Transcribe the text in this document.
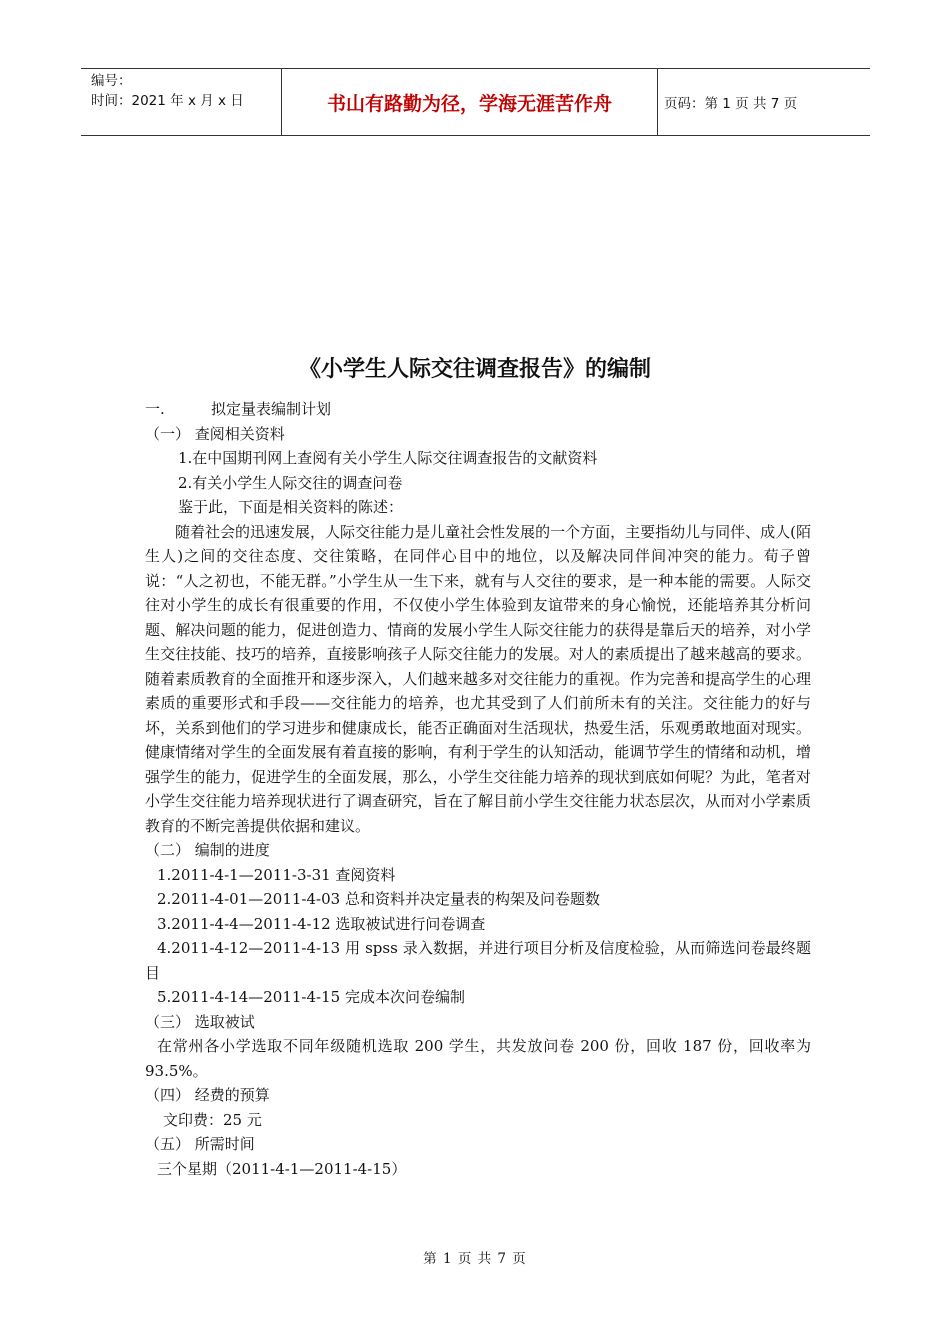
编号：
时间：2021 年 x 月 x 日	书山有路勤为径，学海无涯苦作舟	页码：第 1 页 共 7 页
《小学生人际交往调查报告》的编制
一.	拟定量表编制计划

（一） 查阅相关资料

1.在中国期刊网上查阅有关小学生人际交往调查报告的文献资料

2.有关小学生人际交往的调查问卷

鉴于此，下面是相关资料的陈述：

随着社会的迅速发展，人际交往能力是儿童社会性发展的一个方面，主要指幼儿与同伴、成人(陌生人)之间的交往态度、交往策略，在同伴心目中的地位，以及解决同伴间冲突的能力。荀子曾说：“人之初也，不能无群。”小学生从一生下来，就有与人交往的要求，是一种本能的需要。人际交往对小学生的成长有很重要的作用，不仅使小学生体验到友谊带来的身心愉悦，还能培养其分析问题、解决问题的能力，促进创造力、情商的发展小学生人际交往能力的获得是靠后天的培养，对小学生交往技能、技巧的培养，直接影响孩子人际交往能力的发展。对人的素质提出了越来越高的要求。随着素质教育的全面推开和逐步深入，人们越来越多对交往能力的重视。作为完善和提高学生的心理素质的重要形式和手段——交往能力的培养，也尤其受到了人们前所未有的关注。交往能力的好与坏，关系到他们的学习进步和健康成长，能否正确面对生活现状，热爱生活，乐观勇敢地面对现实。健康情绪对学生的全面发展有着直接的影响，有利于学生的认知活动，能调节学生的情绪和动机，增强学生的能力，促进学生的全面发展，那么，小学生交往能力培养的现状到底如何呢？为此，笔者对小学生交往能力培养现状进行了调查研究，旨在了解目前小学生交往能力状态层次，从而对小学素质教育的不断完善提供依据和建议。

（二） 编制的进度

1.2011-4-1—2011-3-31 查阅资料

2.2011-4-01—2011-4-03 总和资料并决定量表的构架及问卷题数

3.2011-4-4—2011-4-12 选取被试进行问卷调查

4.2011-4-12—2011-4-13 用 spss 录入数据，并进行项目分析及信度检验，从而筛选问卷最终题目

5.2011-4-14—2011-4-15 完成本次问卷编制

（三） 选取被试

在常州各小学选取不同年级随机选取 200 学生，共发放问卷 200 份，回收 187 份，回收率为 93.5%。

（四） 经费的预算

文印费：25 元

（五） 所需时间

三个星期（2011-4-1—2011-4-15）

第 1 页 共 7 页
